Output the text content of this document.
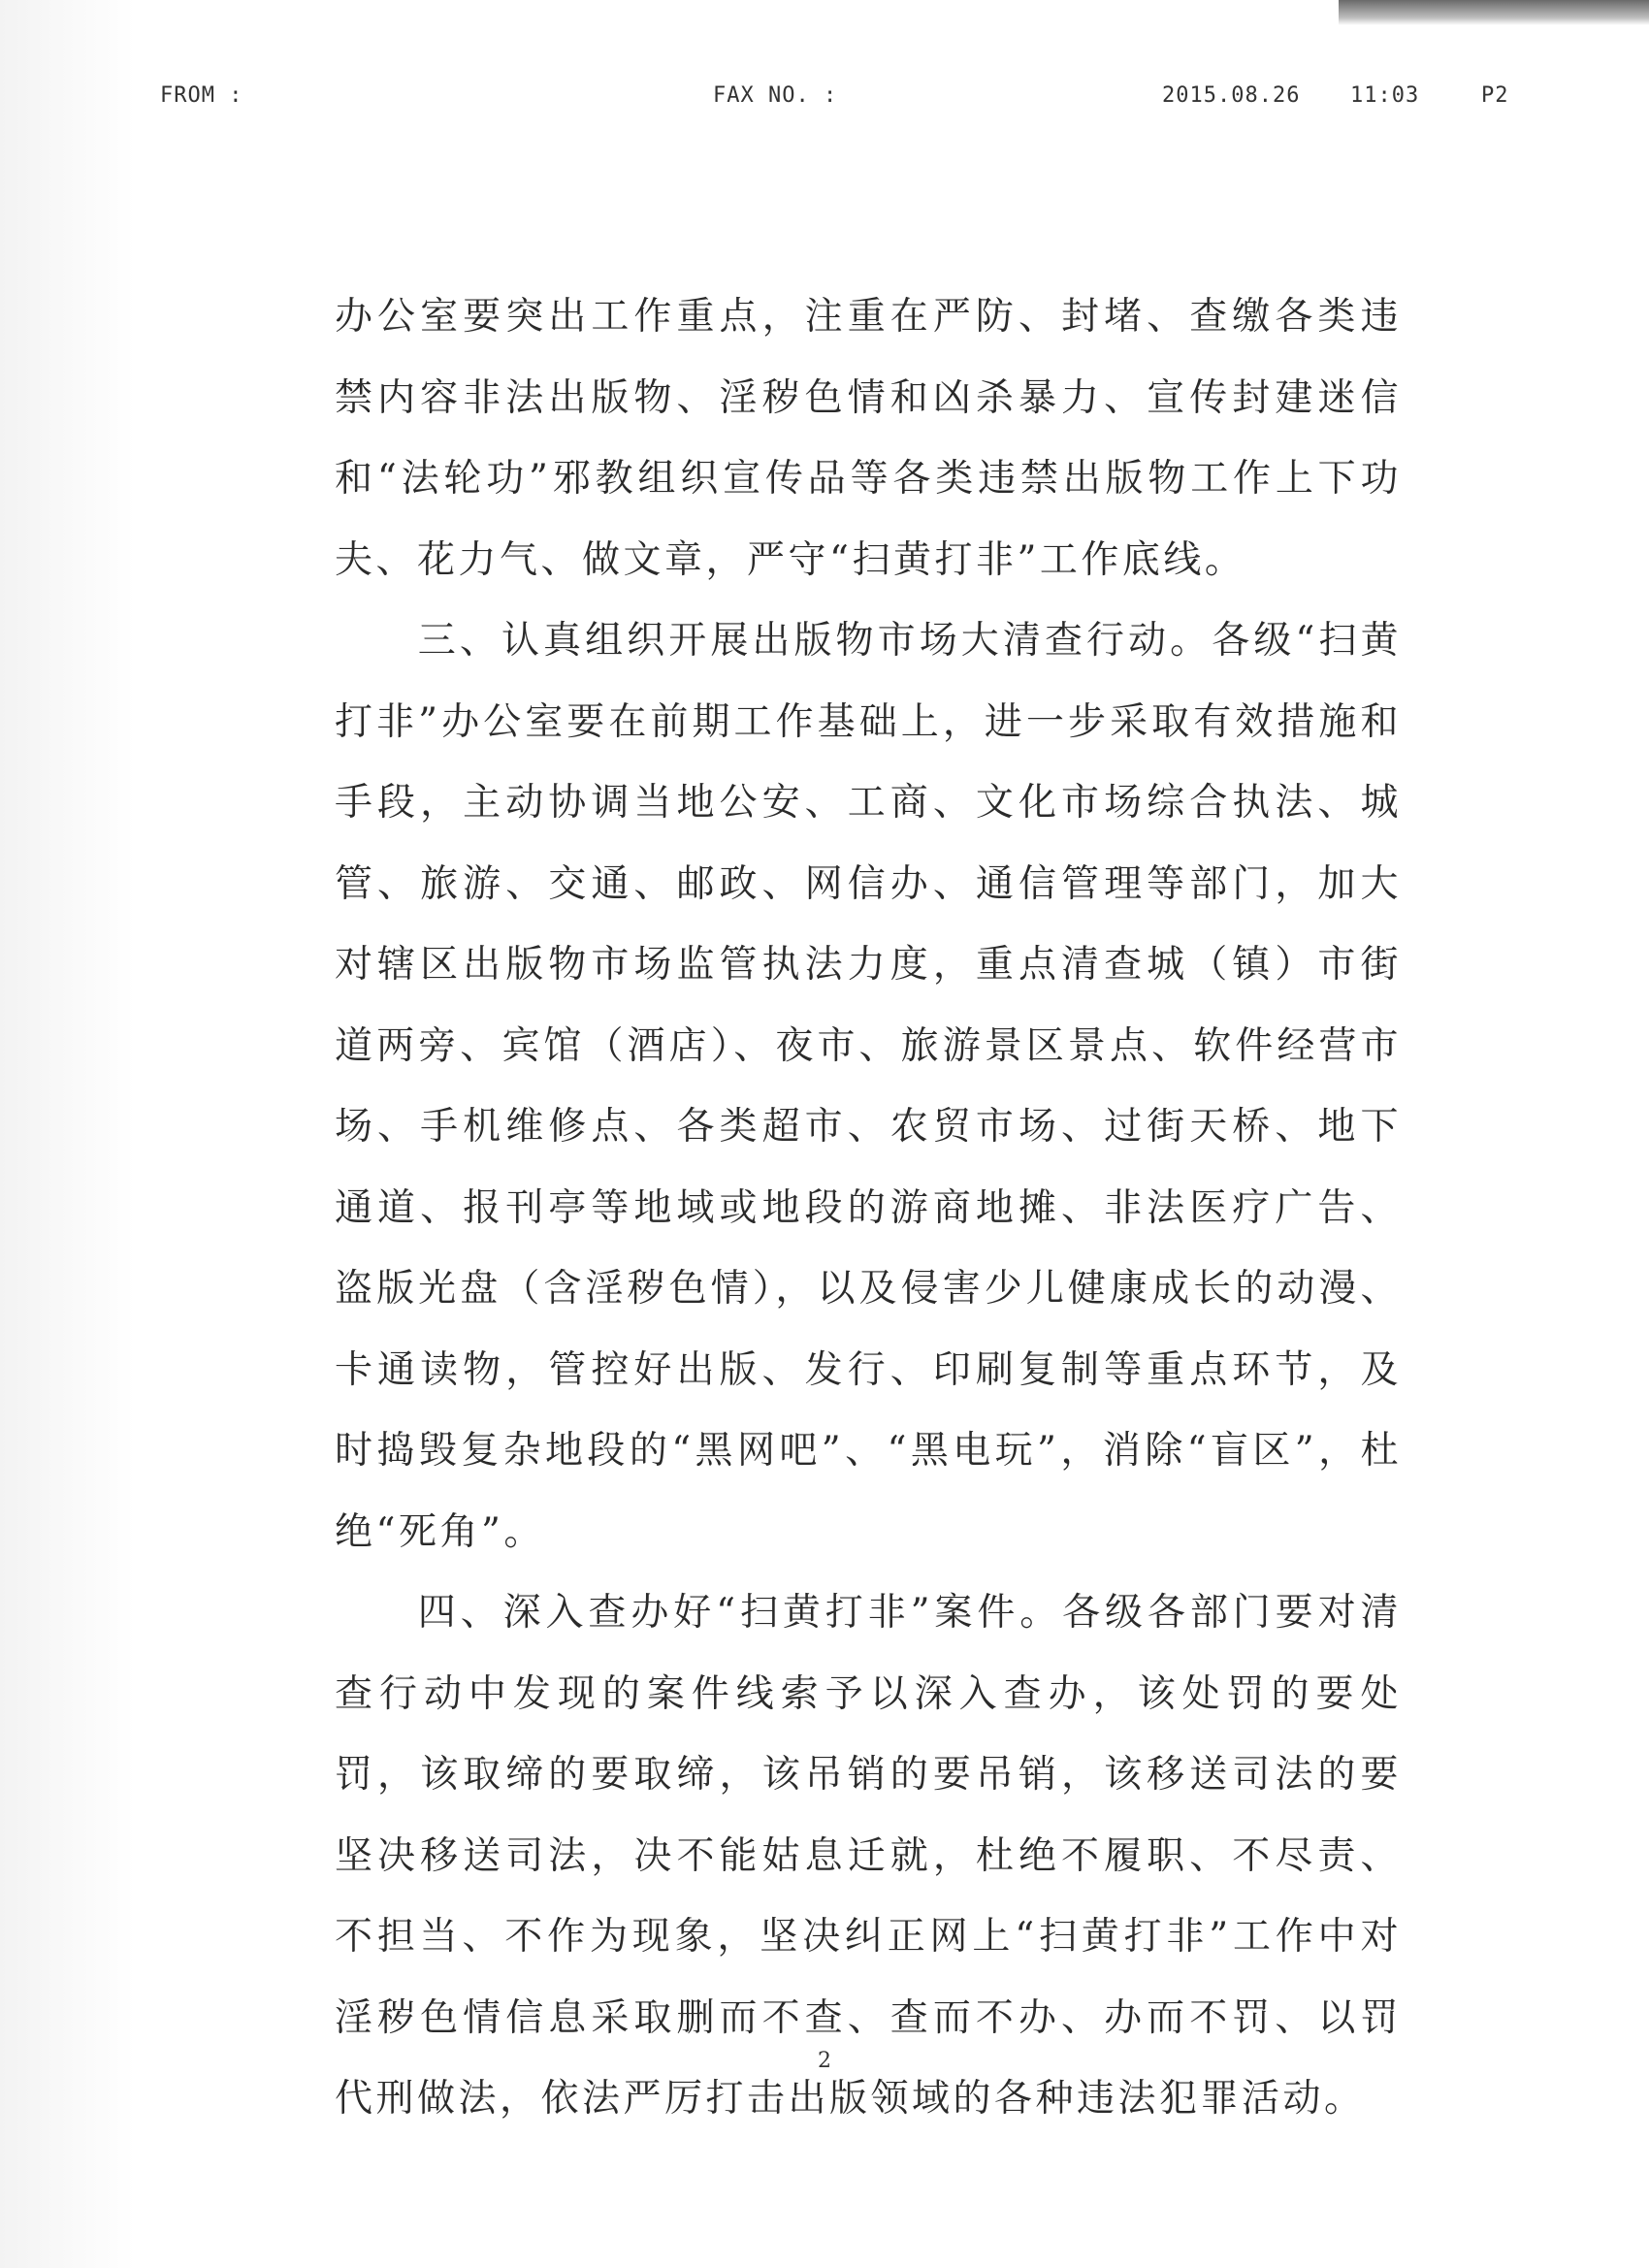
FROM :	FAX NO. :	2015.08.26 11:03	P2

办公室要突出工作重点，注重在严防、封堵、查缴各类违禁内容非法出版物、淫秽色情和凶杀暴力、宣传封建迷信和“法轮功”邪教组织宣传品等各类违禁出版物工作上下功夫、花力气、做文章，严守“扫黄打非”工作底线。

三、认真组织开展出版物市场大清查行动。各级“扫黄打非”办公室要在前期工作基础上，进一步采取有效措施和手段，主动协调当地公安、工商、文化市场综合执法、城管、旅游、交通、邮政、网信办、通信管理等部门，加大对辖区出版物市场监管执法力度，重点清查城（镇）市街道两旁、宾馆（酒店）、夜市、旅游景区景点、软件经营市场、手机维修点、各类超市、农贸市场、过街天桥、地下通道、报刊亭等地域或地段的游商地摊、非法医疗广告、盗版光盘（含淫秽色情），以及侵害少儿健康成长的动漫、卡通读物，管控好出版、发行、印刷复制等重点环节，及时捣毁复杂地段的“黑网吧”、“黑电玩”，消除“盲区”，杜绝“死角”。

四、深入查办好“扫黄打非”案件。各级各部门要对清查行动中发现的案件线索予以深入查办，该处罚的要处罚，该取缔的要取缔，该吊销的要吊销，该移送司法的要坚决移送司法，决不能姑息迁就，杜绝不履职、不尽责、不担当、不作为现象，坚决纠正网上“扫黄打非”工作中对淫秽色情信息采取删而不查、查而不办、办而不罚、以罚代刑做法，依法严厉打击出版领域的各种违法犯罪活动。

2
